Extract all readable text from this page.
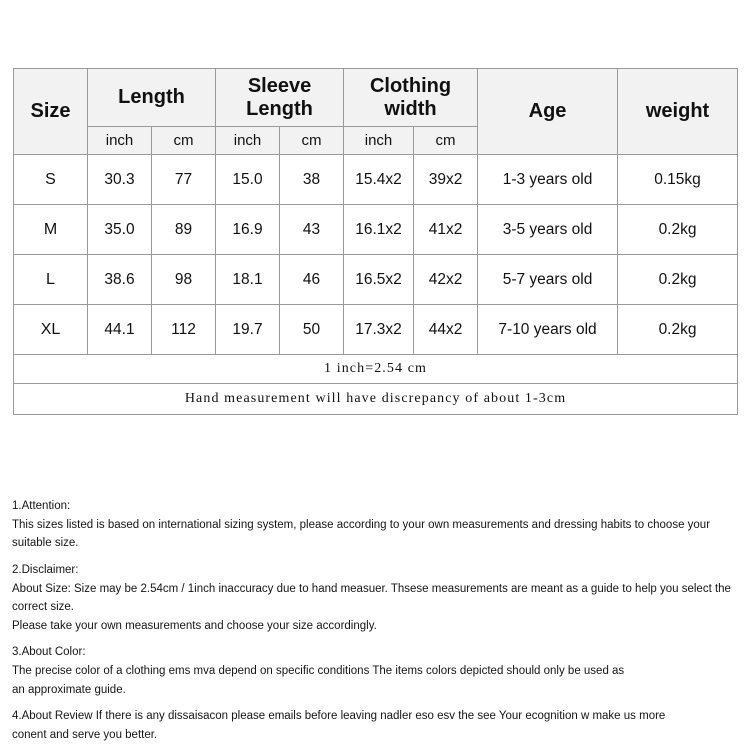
Size	Length		Sleeve Length		Clothing width		Age	weight
	inch	cm	inch	cm	inch	cm		
S	30.3	77	15.0	38	15.4x2	39x2	1-3 years old	0.15kg
M	35.0	89	16.9	43	16.1x2	41x2	3-5 years old	0.2kg
L	38.6	98	18.1	46	16.5x2	42x2	5-7 years old	0.2kg
XL	44.1	112	19.7	50	17.3x2	44x2	7-10 years old	0.2kg
1 inch=2.54 cm								
Hand measurement will have discrepancy of about 1-3cm								
1.Attention:
This sizes listed is based on international sizing system, please according to your own measurements and dressing habits to choose your suitable size.
2.Disclaimer:
About Size: Size may be 2.54cm / 1inch inaccuracy due to hand measuer. Thsese measurements are meant as a guide to help you select the correct size.
Please take your own measurements and choose your size accordingly.
3.About Color:
The precise color of a clothing ems mva depend on specific conditions The items colors depicted should only be used as
an approximate guide.
4.About Review If there is any dissaisacon please emails before leaving nadler eso esv the see Your ecognition w make us more
conent and serve you better.
